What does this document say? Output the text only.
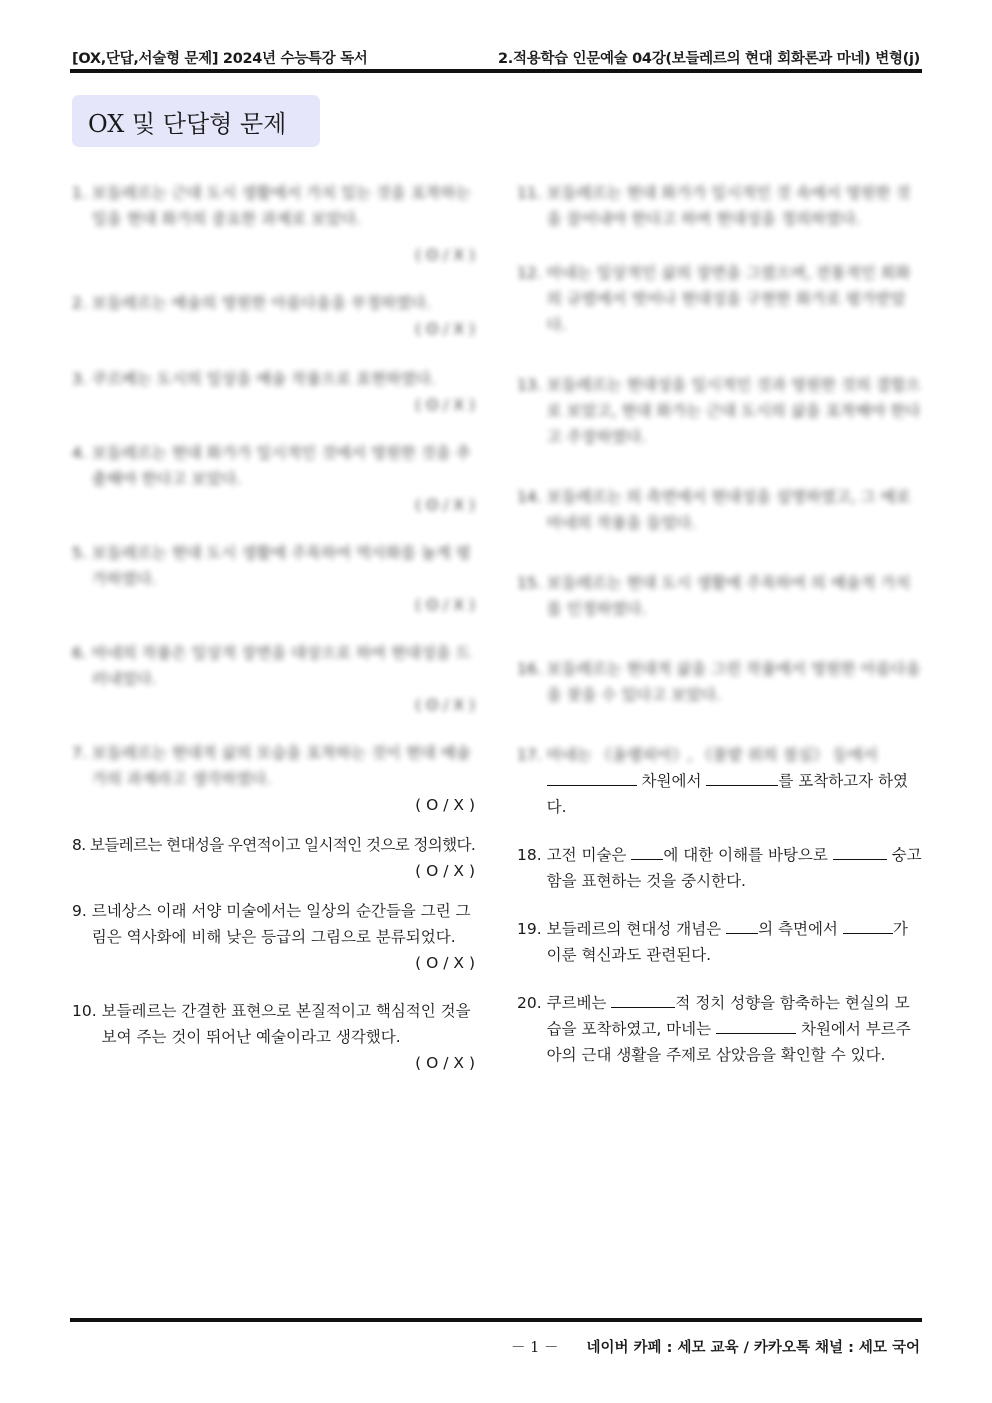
[OX,단답,서술형 문제] 2024년 수능특강 독서	2.적용학습 인문예술 04강(보들레르의 현대 회화론과 마네) 변형(j)
OX 및 단답형 문제
1.
보들레르는 근대 도시 생활에서 가치 있는 것을 포착하는 일을 현대 화가의 중요한 과제로 보았다.
( O / X )
2.
보들레르는 예술의 영원한 아름다움을 부정하였다.
( O / X )
3.
쿠르베는 도시의 일상을 예술 작품으로 표현하였다.
( O / X )
4.
보들레르는 현대 화가가 일시적인 것에서 영원한 것을 추출해야 한다고 보았다.
( O / X )
5.
보들레르는 현대 도시 생활에 주목하여 역사화를 높게 평가하였다.
( O / X )
6.
마네의 작품은 일상적 장면을 대상으로 하여 현대성을 드러내었다.
( O / X )
7.
보들레르는 현대적 삶의 모습을 포착하는 것이 현대 예술가의 과제라고 생각하였다.
( O / X )
8.
보들레르는 현대성을 우연적이고 일시적인 것으로 정의했다.
( O / X )
9.
르네상스 이래 서양 미술에서는 일상의 순간들을 그린 그림은 역사화에 비해 낮은 등급의 그림으로 분류되었다.
( O / X )
10.
보들레르는 간결한 표현으로 본질적이고 핵심적인 것을 보여 주는 것이 뛰어난 예술이라고 생각했다.
( O / X )
11.
보들레르는 현대 화가가 일시적인 것 속에서 영원한 것을 끌어내야 한다고 하며 현대성을 정의하였다.
12.
마네는 일상적인 삶의 장면을 그렸으며, 전통적인 회화의 규범에서 벗어나 현대성을 구현한 화가로 평가받았다.
13.
보들레르는 현대성을 일시적인 것과 영원한 것의 결합으로 보았고, 현대 화가는 근대 도시의 삶을 포착해야 한다고 주장하였다.
14.
보들레르는 의 측면에서 현대성을 설명하였고, 그 예로 마네의 작품을 들었다.
15.
보들레르는 현대 도시 생활에 주목하여 의 예술적 가치를 인정하였다.
16.
보들레르는 현대적 삶을 그린 작품에서 영원한 아름다움을 찾을 수 있다고 보았다.
17.
마네는 《올랭피아》, 《풀밭 위의 점심》 등에서  차원에서	를 포착하고자 하였다.
18.
고전 미술은 에 대한 이해를 바탕으로	숭고함을 표현하는 것을 중시한다.
19.
보들레르의 현대성 개념은 의 측면에서	가 이룬 혁신과도 관련된다.
20.
쿠르베는	적 정치 성향을 함축하는 현실의 모습을 포착하였고, 마네는	차원에서 부르주아의 근대 생활을 주제로 삼았음을 확인할 수 있다.
－ 1 － 네이버 카페 : 세모 교육 / 카카오톡 채널 : 세모 국어
